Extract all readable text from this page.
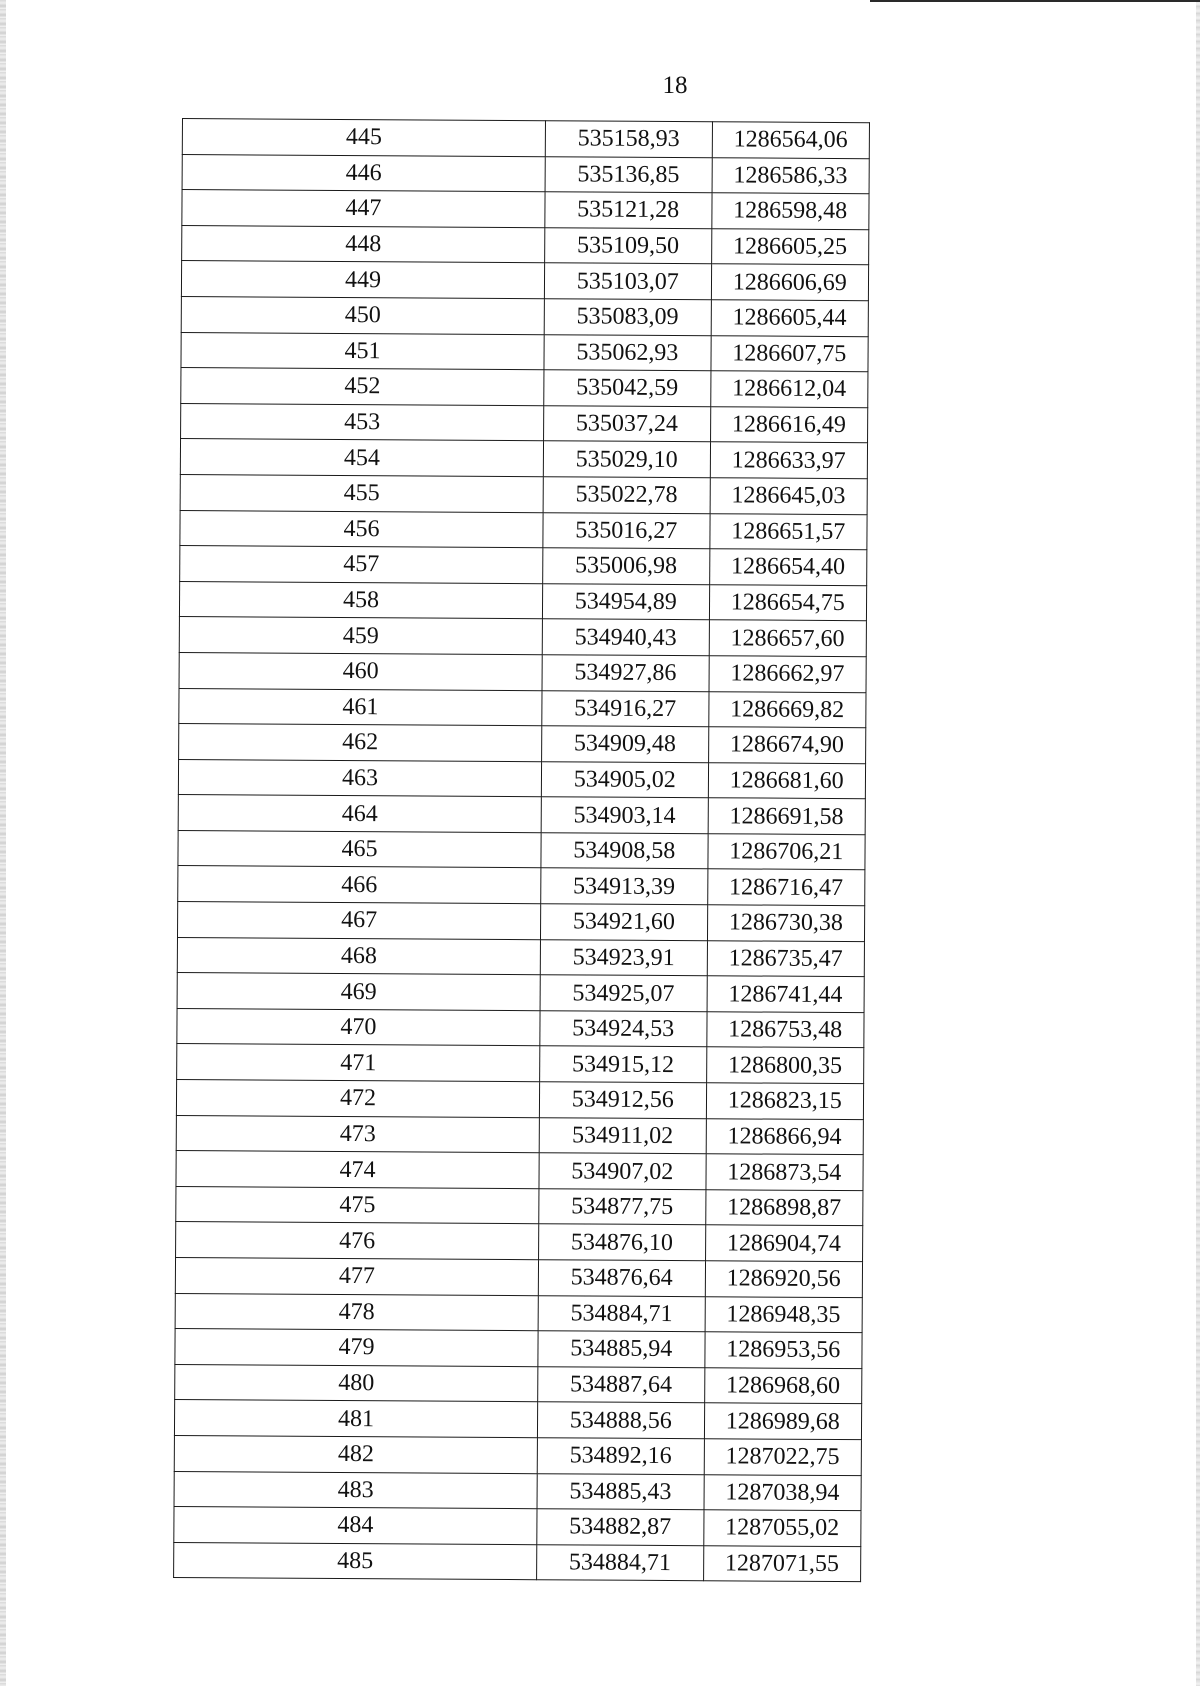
18
445	535158,93	1286564,06
446	535136,85	1286586,33
447	535121,28	1286598,48
448	535109,50	1286605,25
449	535103,07	1286606,69
450	535083,09	1286605,44
451	535062,93	1286607,75
452	535042,59	1286612,04
453	535037,24	1286616,49
454	535029,10	1286633,97
455	535022,78	1286645,03
456	535016,27	1286651,57
457	535006,98	1286654,40
458	534954,89	1286654,75
459	534940,43	1286657,60
460	534927,86	1286662,97
461	534916,27	1286669,82
462	534909,48	1286674,90
463	534905,02	1286681,60
464	534903,14	1286691,58
465	534908,58	1286706,21
466	534913,39	1286716,47
467	534921,60	1286730,38
468	534923,91	1286735,47
469	534925,07	1286741,44
470	534924,53	1286753,48
471	534915,12	1286800,35
472	534912,56	1286823,15
473	534911,02	1286866,94
474	534907,02	1286873,54
475	534877,75	1286898,87
476	534876,10	1286904,74
477	534876,64	1286920,56
478	534884,71	1286948,35
479	534885,94	1286953,56
480	534887,64	1286968,60
481	534888,56	1286989,68
482	534892,16	1287022,75
483	534885,43	1287038,94
484	534882,87	1287055,02
485	534884,71	1287071,55
